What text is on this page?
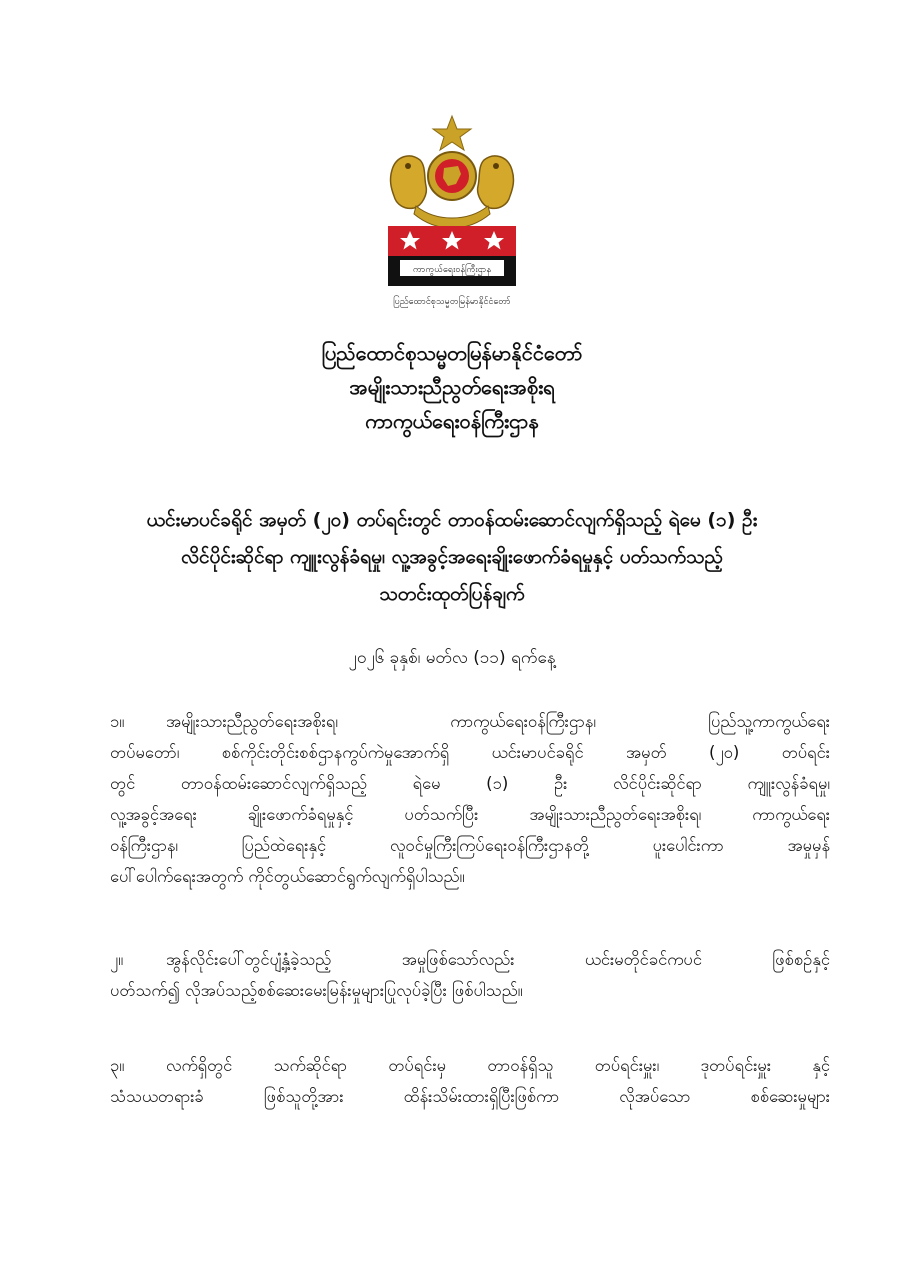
ကာကွယ်ရေးဝန်ကြီးဌာန
ပြည်ထောင်စုသမ္မတမြန်မာနိုင်ငံတော်
ပြည်ထောင်စုသမ္မတမြန်မာနိုင်ငံတော်
အမျိုးသားညီညွတ်ရေးအစိုးရ
ကာကွယ်ရေးဝန်ကြီးဌာန
ယင်းမာပင်ခရိုင် အမှတ် (၂၀) တပ်ရင်းတွင် တာဝန်ထမ်းဆောင်လျက်ရှိသည့် ရဲမေ (၁) ဦး
လိင်ပိုင်းဆိုင်ရာ ကျူးလွန်ခံရမှု၊ လူ့အခွင့်အရေးချိုးဖောက်ခံရမှုနှင့် ပတ်သက်သည့်
သတင်းထုတ်ပြန်ချက်
၂၀၂၆ ခုနှစ်၊ မတ်လ (၁၁) ရက်နေ့
၁။	အမျိုးသားညီညွတ်ရေးအစိုးရ၊ ကာကွယ်ရေးဝန်ကြီးဌာန၊ ပြည်သူ့ကာကွယ်ရေး
တပ်မတော်၊ စစ်ကိုင်းတိုင်းစစ်ဌာနကွပ်ကဲမှုအောက်ရှိ ယင်းမာပင်ခရိုင် အမှတ် (၂၀) တပ်ရင်း
တွင် တာဝန်ထမ်းဆောင်လျက်ရှိသည့် ရဲမေ (၁) ဦး လိင်ပိုင်းဆိုင်ရာ ကျူးလွန်ခံရမှု၊
လူ့အခွင့်အရေး ချိုးဖောက်ခံရမှုနှင့် ပတ်သက်ပြီး အမျိုးသားညီညွတ်ရေးအစိုးရ၊ ကာကွယ်ရေး
ဝန်ကြီးဌာန၊ ပြည်ထဲရေးနှင့် လူဝင်မှုကြီးကြပ်ရေးဝန်ကြီးဌာနတို့ ပူးပေါင်းကာ အမှုမှန်
ပေါ်ပေါက်ရေးအတွက် ကိုင်တွယ်ဆောင်ရွက်လျက်ရှိပါသည်။
၂။	အွန်လိုင်းပေါ်တွင်ပျံ့နှံ့ခဲ့သည့် အမှုဖြစ်သော်လည်း ယင်းမတိုင်ခင်ကပင် ဖြစ်စဥ်နှင့်
ပတ်သက်၍ လိုအပ်သည့်စစ်ဆေးမေးမြန်းမှုများပြုလုပ်ခဲ့ပြီး ဖြစ်ပါသည်။
၃။	လက်ရှိတွင် သက်ဆိုင်ရာ တပ်ရင်းမှ တာဝန်ရှိသူ တပ်ရင်းမှူး၊ ဒုတပ်ရင်းမှူး နှင့်
သံသယတရားခံ ဖြစ်သူတို့အား ထိန်းသိမ်းထားရှိပြီးဖြစ်ကာ လိုအပ်သော စစ်ဆေးမှုများ
